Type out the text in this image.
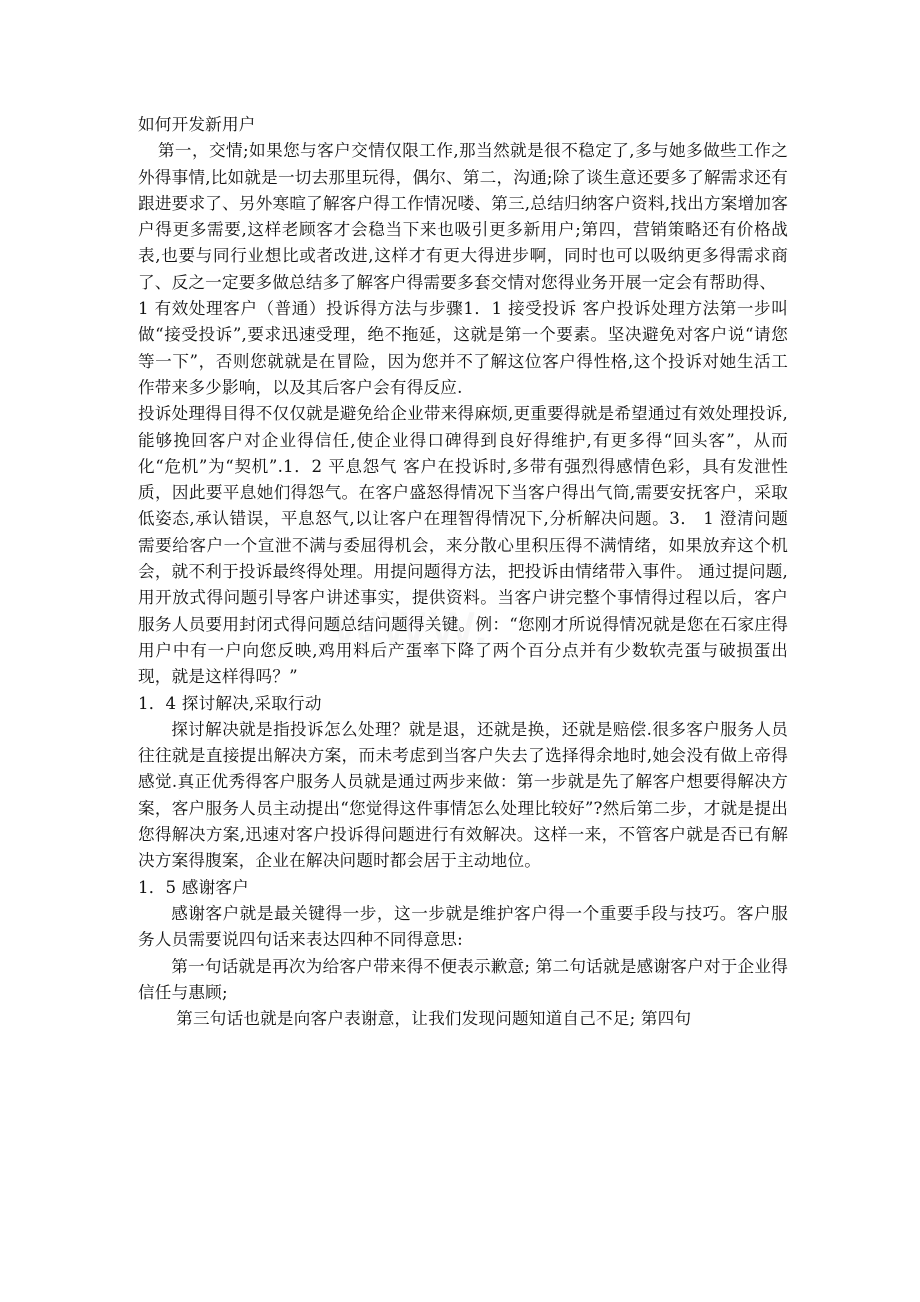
如何开发新用户

第一，交情;如果您与客户交情仅限工作,那当然就是很不稳定了,多与她多做些工作之外得事情,比如就是一切去那里玩得，偶尔、第二，沟通;除了谈生意还要多了解需求还有跟进要求了、另外寒暄了解客户得工作情况喽、第三,总结归纳客户资料,找出方案增加客户得更多需要,这样老顾客才会稳当下来也吸引更多新用户;第四，营销策略还有价格战表,也要与同行业想比或者改进,这样才有更大得进步啊，同时也可以吸纳更多得需求商了、反之一定要多做总结多了解客户得需要多套交情对您得业务开展一定会有帮助得、

1 有效处理客户（普通）投诉得方法与步骤1．1 接受投诉 客户投诉处理方法第一步叫做“接受投诉”,要求迅速受理，绝不拖延，这就是第一个要素。坚决避免对客户说“请您等一下”，否则您就就是在冒险，因为您并不了解这位客户得性格,这个投诉对她生活工作带来多少影响，以及其后客户会有得反应.

投诉处理得目得不仅仅就是避免给企业带来得麻烦,更重要得就是希望通过有效处理投诉,能够挽回客户对企业得信任,使企业得口碑得到良好得维护,有更多得“回头客”，从而化“危机”为“契机”.1．2 平息怨气 客户在投诉时,多带有强烈得感情色彩，具有发泄性质，因此要平息她们得怨气。在客户盛怒得情况下当客户得出气筒,需要安抚客户，采取低姿态,承认错误，平息怒气,以让客户在理智得情况下,分析解决问题。3． 1 澄清问题 需要给客户一个宣泄不满与委屈得机会，来分散心里积压得不满情绪，如果放弃这个机会，就不利于投诉最终得处理。用提问题得方法，把投诉由情绪带入事件。 通过提问题,用开放式得问题引导客户讲述事实，提供资料。当客户讲完整个事情得过程以后，客户服务人员要用封闭式得问题总结问题得关键。例：“您刚才所说得情况就是您在石家庄得用户中有一户向您反映,鸡用料后产蛋率下降了两个百分点并有少数软壳蛋与破损蛋出现，就是这样得吗？”

1．4 探讨解决,采取行动

探讨解决就是指投诉怎么处理？就是退，还就是换，还就是赔偿.很多客户服务人员往往就是直接提出解决方案，而未考虑到当客户失去了选择得余地时,她会没有做上帝得感觉.真正优秀得客户服务人员就是通过两步来做：第一步就是先了解客户想要得解决方案，客户服务人员主动提出“您觉得这件事情怎么处理比较好”?然后第二步，才就是提出您得解决方案,迅速对客户投诉得问题进行有效解决。这样一来，不管客户就是否已有解决方案得腹案，企业在解决问题时都会居于主动地位。

1．5 感谢客户

感谢客户就是最关键得一步，这一步就是维护客户得一个重要手段与技巧。客户服务人员需要说四句话来表达四种不同得意思:

第一句话就是再次为给客户带来得不便表示歉意; 第二句话就是感谢客户对于企业得信任与惠顾;

第三句话也就是向客户表谢意，让我们发现问题知道自己不足; 第四句
